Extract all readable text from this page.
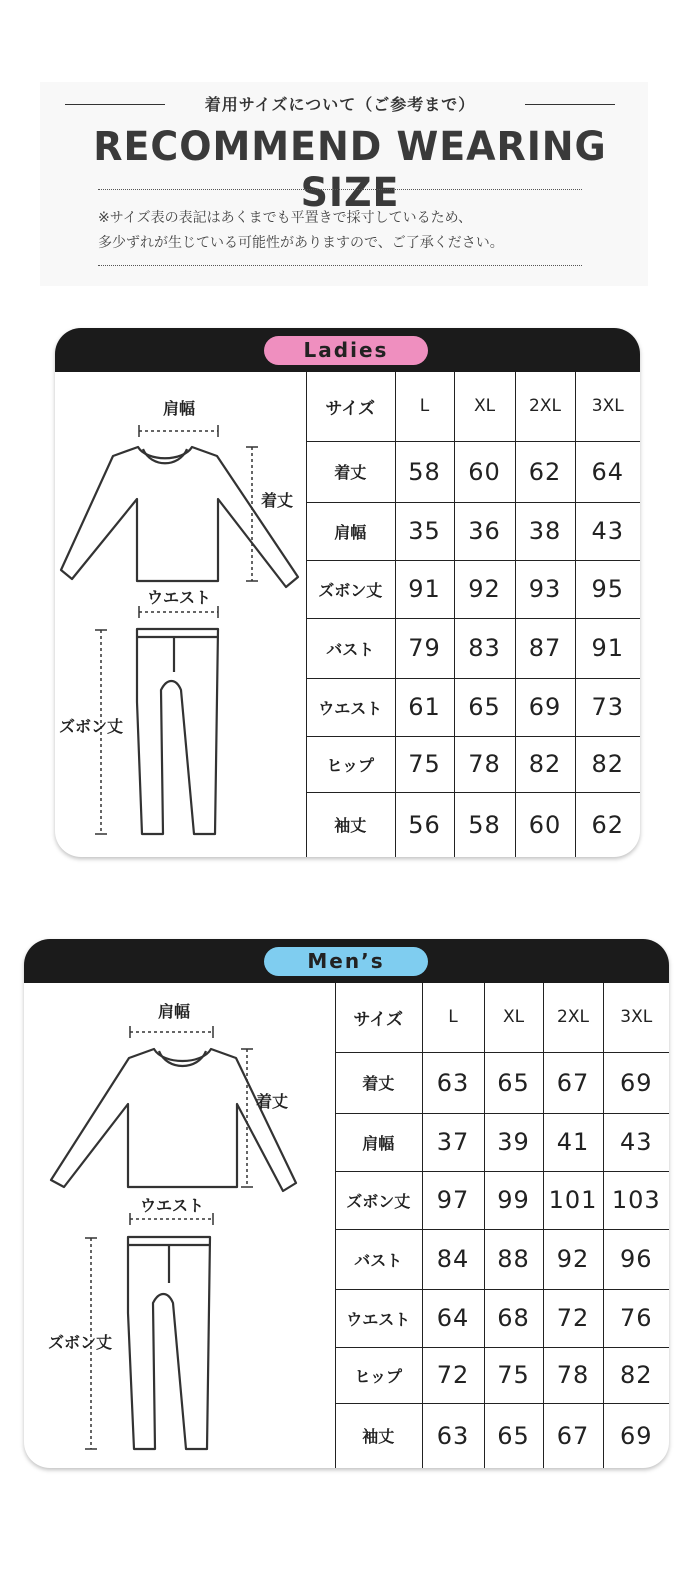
着用サイズについて（ご参考まで）
RECOMMEND WEARING SIZE
※サイズ表の表記はあくまでも平置きで採寸しているため、
多少ずれが生じている可能性がありますので、ご了承ください。
Ladies
肩幅
着丈
ウエスト
ズボン丈
サイズ	L	XL	2XL	3XL
着丈	58	60	62	64
肩幅	35	36	38	43
ズボン丈	91	92	93	95
バスト	79	83	87	91
ウエスト	61	65	69	73
ヒップ	75	78	82	82
袖丈	56	58	60	62
Men’s
肩幅
着丈
ウエスト
ズボン丈
サイズ	L	XL	2XL	3XL
着丈	63	65	67	69
肩幅	37	39	41	43
ズボン丈	97	99	101	103
バスト	84	88	92	96
ウエスト	64	68	72	76
ヒップ	72	75	78	82
袖丈	63	65	67	69
